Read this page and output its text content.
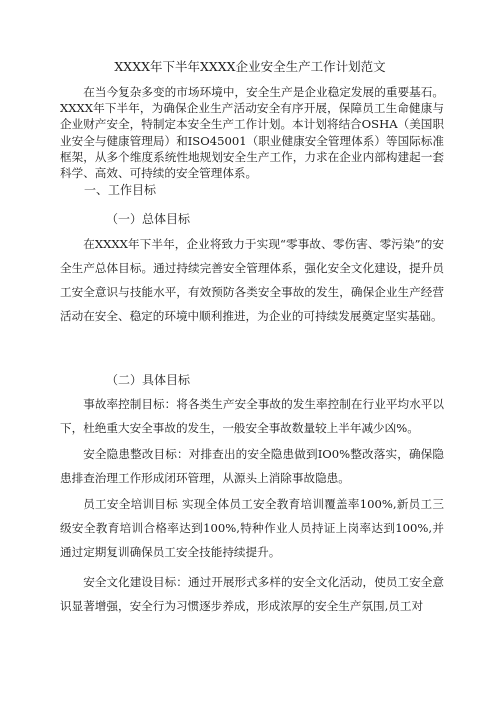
XXXX年下半年XXXX企业安全生产工作计划范文

在当今复杂多变的市场环境中，安全生产是企业稳定发展的重要基石。XXXX年下半年，为确保企业生产活动安全有序开展，保障员工生命健康与企业财产安全，特制定本安全生产工作计划。本计划将结合OSHA（美国职业安全与健康管理局）和ISO45001（职业健康安全管理体系）等国际标准框架，从多个维度系统性地规划安全生产工作，力求在企业内部构建起一套科学、高效、可持续的安全管理体系。

一、工作目标
（一）总体目标

在XXXX年下半年，企业将致力于实现“零事故、零伤害、零污染”的安全生产总体目标。通过持续完善安全管理体系，强化安全文化建设，提升员工安全意识与技能水平，有效预防各类安全事故的发生，确保企业生产经营活动在安全、稳定的环境中顺利推进，为企业的可持续发展奠定坚实基础。

（二）具体目标

事故率控制目标：将各类生产安全事故的发生率控制在行业平均水平以下，杜绝重大安全事故的发生，一般安全事故数量较上半年减少凶%。

安全隐患整改目标：对排查出的安全隐患做到IO0%整改落实，确保隐患排查治理工作形成闭环管理，从源头上消除事故隐患。

员工安全培训目标 实现全体员工安全教育培训覆盖率100%,新员工三级安全教育培训合格率达到100%,特种作业人员持证上岗率达到100%,并通过定期复训确保员工安全技能持续提升。

安全文化建设目标：通过开展形式多样的安全文化活动，使员工安全意识显著增强，安全行为习惯逐步养成，形成浓厚的安全生产氛围,员工对
